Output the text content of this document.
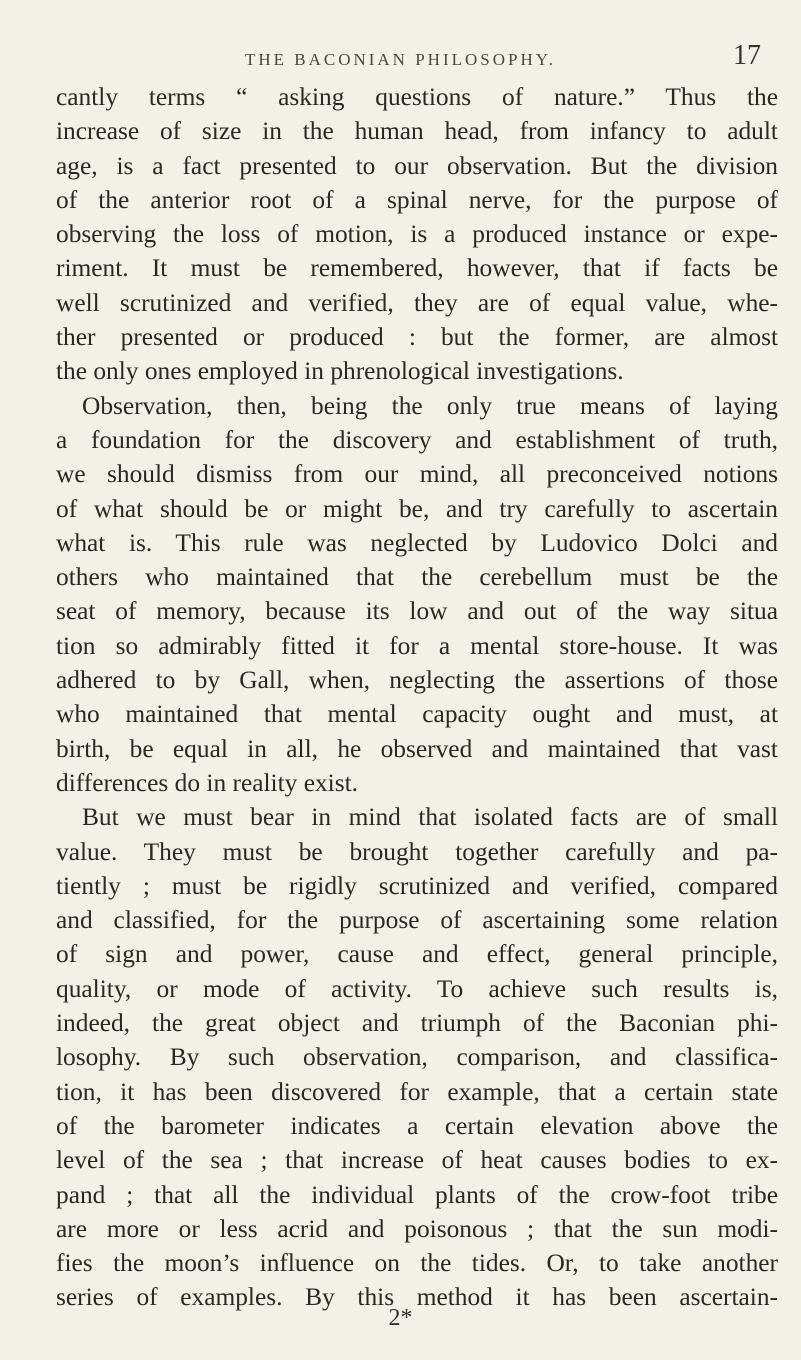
THE BACONIAN PHILOSOPHY.	17
cantly terms “ asking questions of nature.” Thus the
increase of size in the human head, from infancy to adult
age, is a fact presented to our observation. But the division
of the anterior root of a spinal nerve, for the purpose of
observing the loss of motion, is a produced instance or expe-
riment. It must be remembered, however, that if facts be
well scrutinized and verified, they are of equal value, whe-
ther presented or produced : but the former, are almost
the only ones employed in phrenological investigations.
Observation, then, being the only true means of laying
a foundation for the discovery and establishment of truth,
we should dismiss from our mind, all preconceived notions
of what should be or might be, and try carefully to ascertain
what is. This rule was neglected by Ludovico Dolci and
others who maintained that the cerebellum must be the
seat of memory, because its low and out of the way situa
tion so admirably fitted it for a mental store-house. It was
adhered to by Gall, when, neglecting the assertions of those
who maintained that mental capacity ought and must, at
birth, be equal in all, he observed and maintained that vast
differences do in reality exist.
But we must bear in mind that isolated facts are of small
value. They must be brought together carefully and pa-
tiently ; must be rigidly scrutinized and verified, compared
and classified, for the purpose of ascertaining some relation
of sign and power, cause and effect, general principle,
quality, or mode of activity. To achieve such results is,
indeed, the great object and triumph of the Baconian phi-
losophy. By such observation, comparison, and classifica-
tion, it has been discovered for example, that a certain state
of the barometer indicates a certain elevation above the
level of the sea ; that increase of heat causes bodies to ex-
pand ; that all the individual plants of the crow-foot tribe
are more or less acrid and poisonous ; that the sun modi-
fies the moon’s influence on the tides. Or, to take another
series of examples. By this method it has been ascertain-
2*
